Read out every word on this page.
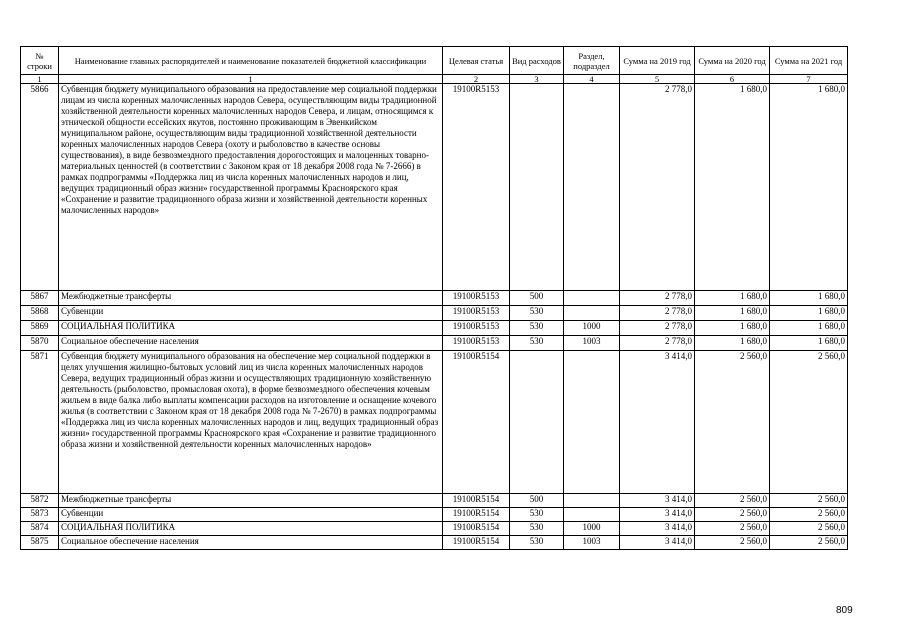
№ строки	Наименование главных распорядителей и наименование показателей бюджетной классификации	Целевая статья	Вид расходов	Раздел, подраздел	Сумма на 2019 год	Сумма на 2020 год	Сумма на 2021 год
1	1	2	3	4	5	6	7
5866	Субвенция бюджету муниципального образования на предоставление мер социальной поддержки лицам из числа коренных малочисленных народов Севера, осуществляющим виды традиционной хозяйственной деятельности коренных малочисленных народов Севера, и лицам, относящимся к этнической общности ессейских якутов, постоянно проживающим в Эвенкийском муниципальном районе, осуществляющим виды традиционной хозяйственной деятельности коренных малочисленных народов Севера (охоту и рыболовство в качестве основы существования), в виде безвозмездного предоставления дорогостоящих и малоценных товарно-материальных ценностей (в соответствии с Законом края от 18 декабря 2008 года № 7-2666) в рамках подпрограммы «Поддержка лиц из числа коренных малочисленных народов и лиц, ведущих традиционный образ жизни» государственной программы Красноярского края «Сохранение и развитие традиционного образа жизни и хозяйственной деятельности коренных малочисленных народов»	19100R5153			2 778,0	1 680,0	1 680,0
5867	Межбюджетные трансферты	19100R5153	500		2 778,0	1 680,0	1 680,0
5868	Субвенции	19100R5153	530		2 778,0	1 680,0	1 680,0
5869	СОЦИАЛЬНАЯ ПОЛИТИКА	19100R5153	530	1000	2 778,0	1 680,0	1 680,0
5870	Социальное обеспечение населения	19100R5153	530	1003	2 778,0	1 680,0	1 680,0
5871	Субвенция бюджету муниципального образования на обеспечение мер социальной поддержки в целях улучшения жилищно-бытовых условий лиц из числа коренных малочисленных народов Севера, ведущих традиционный образ жизни и осуществляющих традиционную хозяйственную деятельность (рыболовство, промысловая охота), в форме безвозмездного обеспечения кочевым жильем в виде балка либо выплаты компенсации расходов на изготовление и оснащение кочевого жилья (в соответствии с Законом края от 18 декабря 2008 года № 7-2670) в рамках подпрограммы «Поддержка лиц из числа коренных малочисленных народов и лиц, ведущих традиционный образ жизни» государственной программы Красноярского края «Сохранение и развитие традиционного образа жизни и хозяйственной деятельности коренных малочисленных народов»	19100R5154			3 414,0	2 560,0	2 560,0
5872	Межбюджетные трансферты	19100R5154	500		3 414,0	2 560,0	2 560,0
5873	Субвенции	19100R5154	530		3 414,0	2 560,0	2 560,0
5874	СОЦИАЛЬНАЯ ПОЛИТИКА	19100R5154	530	1000	3 414,0	2 560,0	2 560,0
5875	Социальное обеспечение населения	19100R5154	530	1003	3 414,0	2 560,0	2 560,0
809
